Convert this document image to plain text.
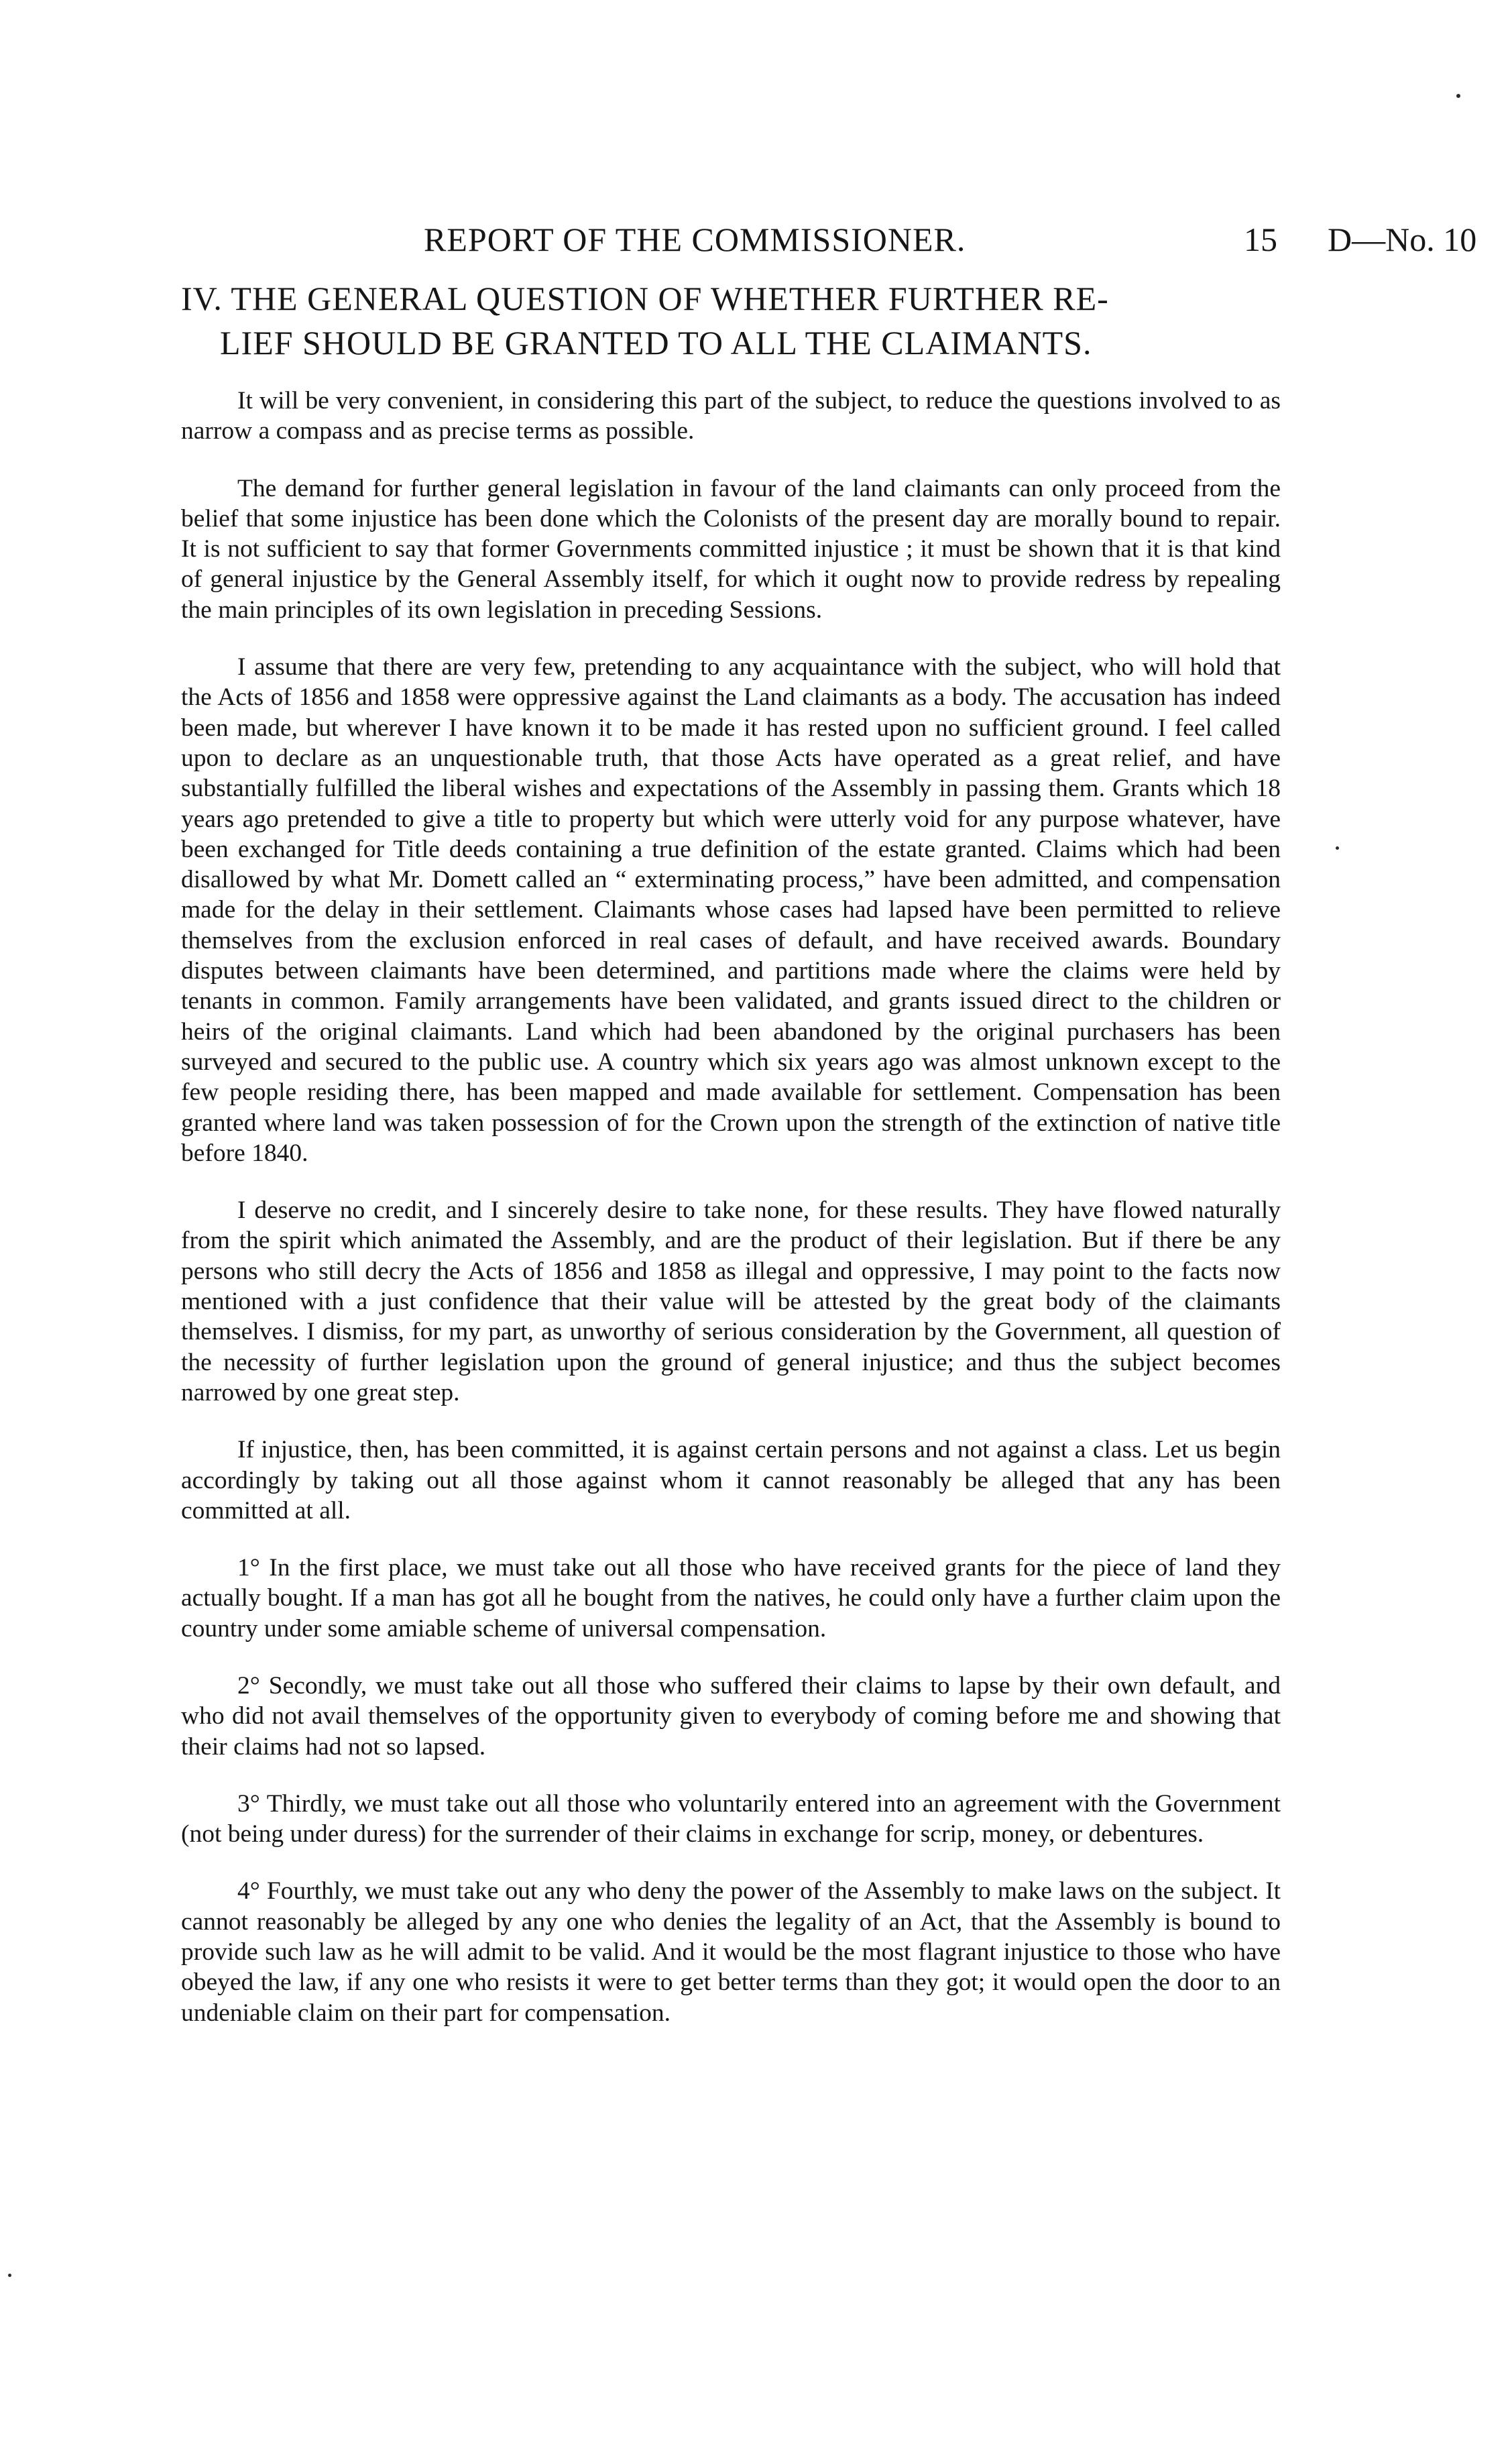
REPORT OF THE COMMISSIONER.	15 D—No. 10
IV. THE GENERAL QUESTION OF WHETHER FURTHER RE-
LIEF SHOULD BE GRANTED TO ALL THE CLAIMANTS.

It will be very convenient, in considering this part of the subject, to reduce the questions involved to as narrow a compass and as precise terms as possible.

The demand for further general legislation in favour of the land claimants can only proceed from the belief that some injustice has been done which the Colonists of the present day are morally bound to repair. It is not sufficient to say that former Governments committed injustice ; it must be shown that it is that kind of general injustice by the General Assembly itself, for which it ought now to provide redress by repealing the main principles of its own legislation in preceding Sessions.

I assume that there are very few, pretending to any acquaintance with the subject, who will hold that the Acts of 1856 and 1858 were oppressive against the Land claimants as a body. The accusation has indeed been made, but wherever I have known it to be made it has rested upon no sufficient ground. I feel called upon to declare as an unquestionable truth, that those Acts have operated as a great relief, and have substantially fulfilled the liberal wishes and expectations of the Assembly in passing them. Grants which 18 years ago pretended to give a title to property but which were utterly void for any purpose whatever, have been exchanged for Title deeds containing a true definition of the estate granted. Claims which had been disallowed by what Mr. Domett called an “ exterminating process,” have been admitted, and compensation made for the delay in their settlement. Claimants whose cases had lapsed have been permitted to relieve themselves from the exclusion enforced in real cases of default, and have received awards. Boundary disputes between claimants have been determined, and partitions made where the claims were held by tenants in common. Family arrangements have been validated, and grants issued direct to the children or heirs of the original claimants. Land which had been abandoned by the original purchasers has been surveyed and secured to the public use. A country which six years ago was almost unknown except to the few people residing there, has been mapped and made available for settlement. Compensation has been granted where land was taken possession of for the Crown upon the strength of the extinction of native title before 1840.

I deserve no credit, and I sincerely desire to take none, for these results. They have flowed naturally from the spirit which animated the Assembly, and are the product of their legislation. But if there be any persons who still decry the Acts of 1856 and 1858 as illegal and oppressive, I may point to the facts now mentioned with a just confidence that their value will be attested by the great body of the claimants themselves. I dismiss, for my part, as unworthy of serious consideration by the Government, all question of the necessity of further legislation upon the ground of general injustice; and thus the subject becomes narrowed by one great step.

If injustice, then, has been committed, it is against certain persons and not against a class. Let us begin accordingly by taking out all those against whom it cannot reasonably be alleged that any has been committed at all.

1° In the first place, we must take out all those who have received grants for the piece of land they actually bought. If a man has got all he bought from the natives, he could only have a further claim upon the country under some amiable scheme of universal compensation.

2° Secondly, we must take out all those who suffered their claims to lapse by their own default, and who did not avail themselves of the opportunity given to everybody of coming before me and showing that their claims had not so lapsed.

3° Thirdly, we must take out all those who voluntarily entered into an agreement with the Government (not being under duress) for the surrender of their claims in exchange for scrip, money, or debentures.

4° Fourthly, we must take out any who deny the power of the Assembly to make laws on the subject. It cannot reasonably be alleged by any one who denies the legality of an Act, that the Assembly is bound to provide such law as he will admit to be valid. And it would be the most flagrant injustice to those who have obeyed the law, if any one who resists it were to get better terms than they got; it would open the door to an undeniable claim on their part for compensation.
